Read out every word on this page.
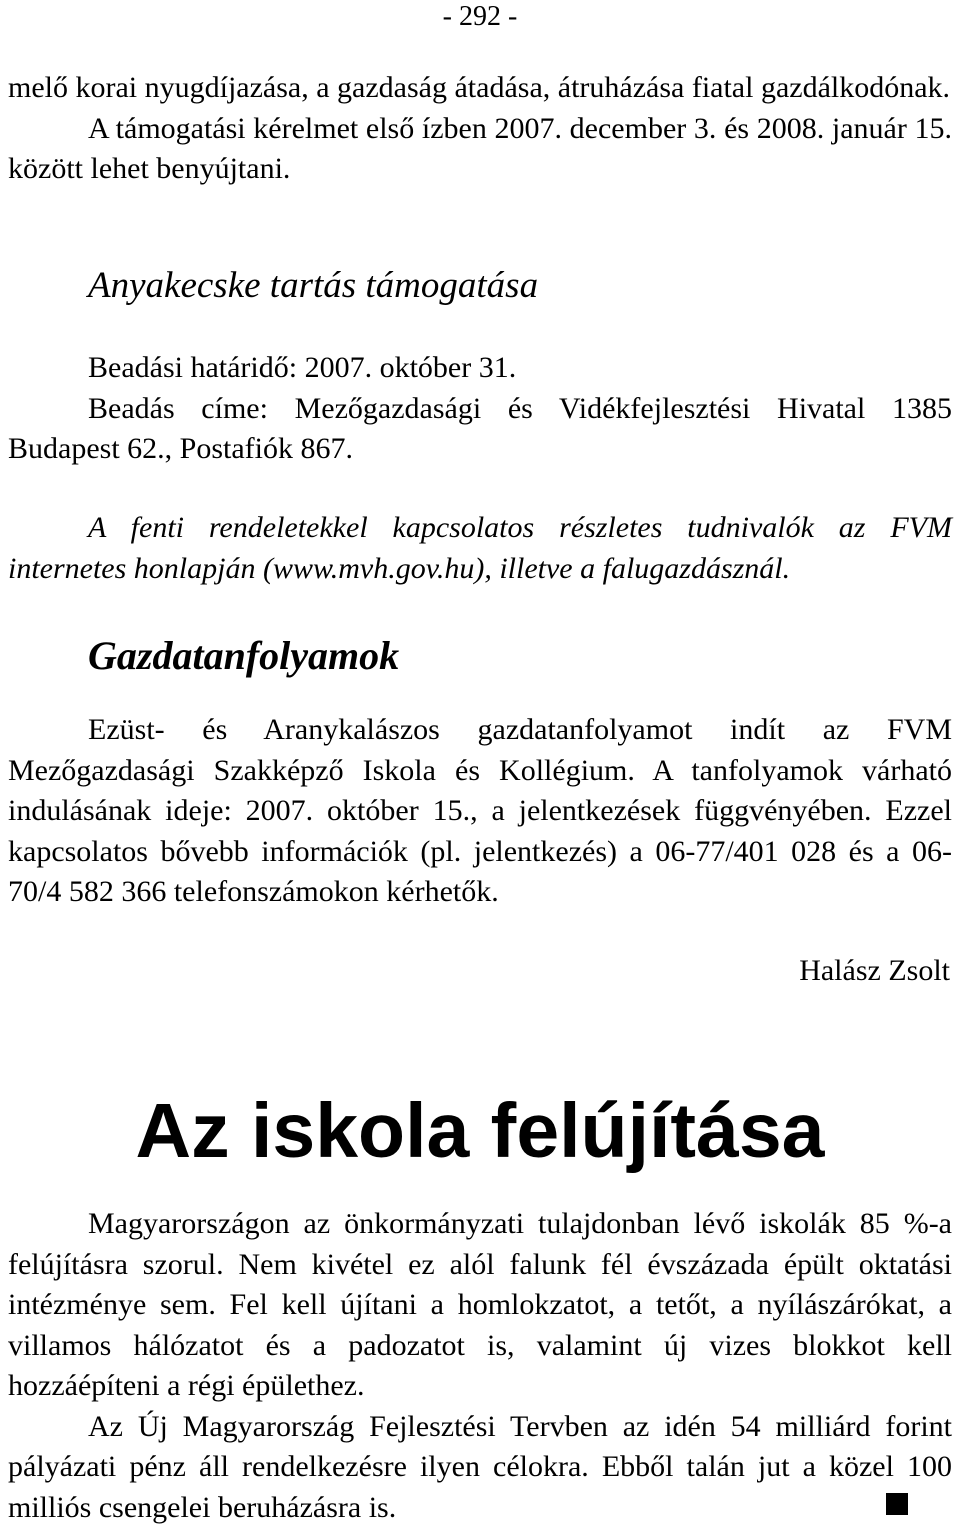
- 292 -

melő korai nyugdíjazása, a gazdaság átadása, átruházása fiatal gazdálkodónak.

A támogatási kérelmet első ízben 2007. december 3. és 2008. január 15. között lehet benyújtani.

Anyakecske tartás támogatása

Beadási határidő: 2007. október 31.

Beadás címe: Mezőgazdasági és Vidékfejlesztési Hivatal 1385 Budapest 62., Postafiók 867.

A fenti rendeletekkel kapcsolatos részletes tudnivalók az FVM internetes honlapján (www.mvh.gov.hu), illetve a falugazdásznál.

Gazdatanfolyamok

Ezüst- és Aranykalászos gazdatanfolyamot indít az FVM Mezőgazdasági Szakképző Iskola és Kollégium. A tanfolyamok várható indulásának ideje: 2007. október 15., a jelentkezések függvényében. Ezzel kapcsolatos bővebb információk (pl. jelentkezés) a 06-77/401 028 és a 06-70/4 582 366 telefonszámokon kérhetők.

Halász Zsolt
Az iskola felújítása

Magyarországon az önkormányzati tulajdonban lévő iskolák 85 %-a felújításra szorul. Nem kivétel ez alól falunk fél évszázada épült oktatási intézménye sem. Fel kell újítani a homlokzatot, a tetőt, a nyílászárókat, a villamos hálózatot és a padozatot is, valamint új vizes blokkot kell hozzáépíteni a régi épülethez.

Az Új Magyarország Fejlesztési Tervben az idén 54 milliárd forint pályázati pénz áll rendelkezésre ilyen célokra. Ebből talán jut a közel 100 milliós csengelei beruházásra is.
